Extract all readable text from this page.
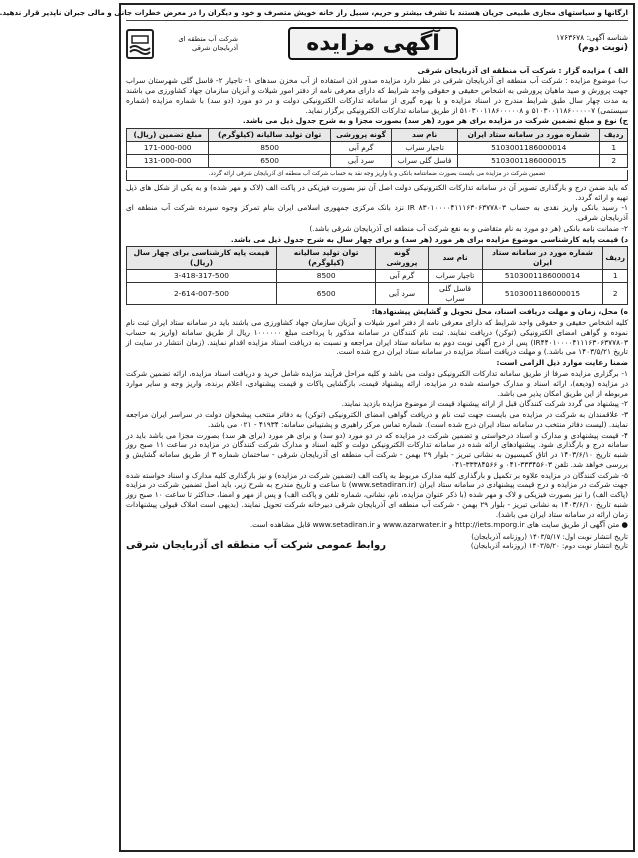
ارگانها و سیاستهای مجازی طبیعی جریان هستند با تشرف بیشتر و حریم، سبیل راز خانه خویش متصرف و خود و دیگران را در معرض خطرات جانی و مالی جبران ناپذیر قرار ندهید.
شناسه آگهی: ۱۷۶۳۶۷۸
(نوبت دوم)
آگهی مزایده
شرکت آب منطقه ای آذربایجان شرقی

الف ) مزایده گزار : شرکت آب منطقه ای آذربایجان شرقی

ب) موضوع مزایده : شرکت آب منطقه ای آذربایجان شرقی در نظر دارد مزایده صدور اذن استفاده از آب مخزن سدهای ۱- تاجیار ۲- قاسل گلی شهرستان سراب جهت پرورش و صید ماهیان پرورشی به اشخاص حقیقی و حقوقی واجد شرایط که دارای معرفی نامه از دفتر امور شیلات و آبزیان سازمان جهاد کشاورزی می باشند به مدت چهار سال طبق شرایط مندرج در اسناد مزایده و با بهره گیری از سامانه تدارکات الکترونیکی دولت و در دو مورد (دو سد) با شماره مزایده (شماره سیستمی) ۵۱۰۳۰۰۱۱۸۶۰۰۰۰۰۷ و ۵۱۰۳۰۰۱۱۸۶۰۰۰۰۰۸ از طریق سامانه تدارکات الکترونیکی برگزار نماید.

ج) نوع و مبلغ تضمین شرکت در مزایده برای هر مورد (هر سد) بصورت مجزا و به شرح جدول ذیل می باشد.

ردیف	شماره مورد در سامانه ستاد ایران	نام سد	گونه پرورشی	توان تولید سالیانه (کیلوگرم)	مبلغ تضمین (ریال)
1	5103001186000014	تاجیار سراب	گرم آبی	8500	171-000-000
2	5103001186000015	قاسل گلی سراب	سرد آبی	6500	131-000-000
تضمین شرکت در مزایده می بایست بصورت ضمانتنامه بانکی و یا واریز وجه نقد به حساب شرکت آب منطقه ای آذربایجان شرقی ارائه گردد.

که باید ضمن درج و بارگذاری تصویر آن در سامانه تدارکات الکترونیکی دولت اصل آن نیز بصورت فیزیکی در پاکت الف (لاک و مهر شده) و به یکی از شکل های ذیل تهیه و ارائه گردد.

۱- رسید بانکی واریز نقدی به حساب IR ۸۳۰۱۰۰۰۰۴۱۱۱۶۳۰۶۳۷۷۸۰۳ نزد بانک مرکزی جمهوری اسلامی ایران بنام تمرکز وجوه سپرده شرکت آب منطقه ای آذربایجان شرقی.

۲- ضمانت نامه بانکی (هر دو مورد به نام متقاضی و به نفع شرکت آب منطقه ای آذربایجان شرقی باشد.)

د) قیمت پایه کارشناسی موضوع مزایده برای هر مورد (هر سد) و برای چهار سال به شرح جدول ذیل می باشد.

ردیف	شماره مورد در سامانه ستاد ایران	نام سد	گونه پرورشی	توان تولید سالیانه (کیلوگرم)	قیمت پایه کارشناسی برای چهار سال (ریال)
1	5103001186000014	تاجیار سراب	گرم آبی	8500	3-418-317-500
2	5103001186000015	قاسل گلی سراب	سرد آبی	6500	2-614-007-500

ه) محل، زمان و مهلت دریافت اسناد، محل تحویل و گشایش پیشنهادها:

کلیه اشخاص حقیقی و حقوقی واجد شرایط که دارای معرفی نامه از دفتر امور شیلات و آبزیان سازمان جهاد کشاورزی می باشند باید در سامانه ستاد ایران ثبت نام نموده و گواهی امضای الکترونیکی (توکن) دریافت نمایند. ثبت نام کنندگان در سامانه مذکور با پرداخت مبلغ ۱۰۰۰۰۰۰ ریال از طریق سامانه (واریز به حساب IR۴۴۰۱۰۰۰۰۴۱۱۱۶۳۰۶۳۷۷۸۰۳) پس از درج آگهی نوبت دوم به سامانه ستاد ایران مراجعه و نسبت به دریافت اسناد مزایده اقدام نمایند. (زمان انتشار در سایت از تاریخ ۱۴۰۳/۵/۲۱ می باشد.) و مهلت دریافت اسناد مزایده در سامانه ستاد ایران درج شده است.

ضمنا رعایت موارد ذیل الزامی است:

۱- برگزاری مزایده صرفا از طریق سامانه تدارکات الکترونیکی دولت می باشد و کلیه مراحل فرآیند مزایده شامل خرید و دریافت اسناد مزایده، ارائه تضمین شرکت در مزایده (ودیعه)، ارائه اسناد و مدارک خواسته شده در مزایده، ارائه پیشنهاد قیمت، بازگشایی پاکات و قیمت پیشنهادی، اعلام برنده، واریز وجه و سایر موارد مربوطه از این طریق امکان پذیر می باشد.

۲- پیشنهاد می گردد شرکت کنندگان قبل از ارائه پیشنهاد قیمت از موضوع مزایده بازدید نمایند.

۳- علاقمندان به شرکت در مزایده می بایست جهت ثبت نام و دریافت گواهی امضای الکترونیکی (توکن) به دفاتر منتخب پیشخوان دولت در سراسر ایران مراجعه نمایند. (لیست دفاتر منتخب در سامانه ستاد ایران درج شده است). شماره تماس مرکز راهبری و پشتیبانی سامانه: ۴۱۹۳۴ - ۰۲۱ می باشد.

۴- قیمت پیشنهادی و مدارک و اسناد درخواستی و تضمین شرکت در مزایده که در دو مورد (دو سد) و برای هر مورد (برای هر سد) بصورت مجزا می باشد باید در سامانه درج و بارگذاری شود. پیشنهادهای ارائه شده در سامانه تدارکات الکترونیکی دولت و کلیه اسناد و مدارک شرکت کنندگان در مزایده در ساعت ۱۱ صبح روز شنبه تاریخ ۱۴۰۳/۶/۱۰ در اتاق کمیسیون به نشانی تبریز - بلوار ۲۹ بهمن - شرکت آب منطقه ای آذربایجان شرقی - ساختمان شماره ۳ از طریق سامانه گشایش و بررسی خواهد شد. تلفن ۳۳۳۴۵۶۰۳-۰۴۱ و ۳۳۳۸۴۵۶۶-۰۴۱

۵- شرکت کنندگان در مزایده علاوه بر تکمیل و بارگذاری کلیه مدارک مربوط به پاکت الف (تضمین شرکت در مزایده) و نیز بارگذاری کلیه مدارک و اسناد خواسته شده جهت شرکت در مزایده و درج قیمت پیشنهادی در سامانه ستاد ایران (www.setadiran.ir) تا ساعت و تاریخ مندرج به شرح زیر، باید اصل تضمین شرکت در مزایده (پاکت الف) را نیز بصورت فیزیکی و لاک و مهر شده (با ذکر عنوان مزایده، نام، نشانی، شماره تلفن و پاکت الف) و پس از مهر و امضا، حداکثر تا ساعت ۱۰ صبح روز شنبه تاریخ ۱۴۰۳/۶/۱۰ به نشانی تبریز - بلوار ۲۹ بهمن - شرکت آب منطقه ای آذربایجان شرقی دبیرخانه شرکت تحویل نمایند. (بدیهی است املاک قبولی پیشنهادات زمان ارائه در سامانه ستاد ایران می باشد).

● متن آگهی از طریق سایت های http://iets.mporg.ir و www.azarwater.ir و www.setadiran.ir قابل مشاهده است.

تاریخ انتشار نوبت اول: ۱۴۰۳/۵/۱۷ (روزنامه آذربایجان)
تاریخ انتشار نوبت دوم: ۱۴۰۳/۵/۲۰ (روزنامه آذربایجان)
روابط عمومی شرکت آب منطقه ای آذربایجان شرقی
